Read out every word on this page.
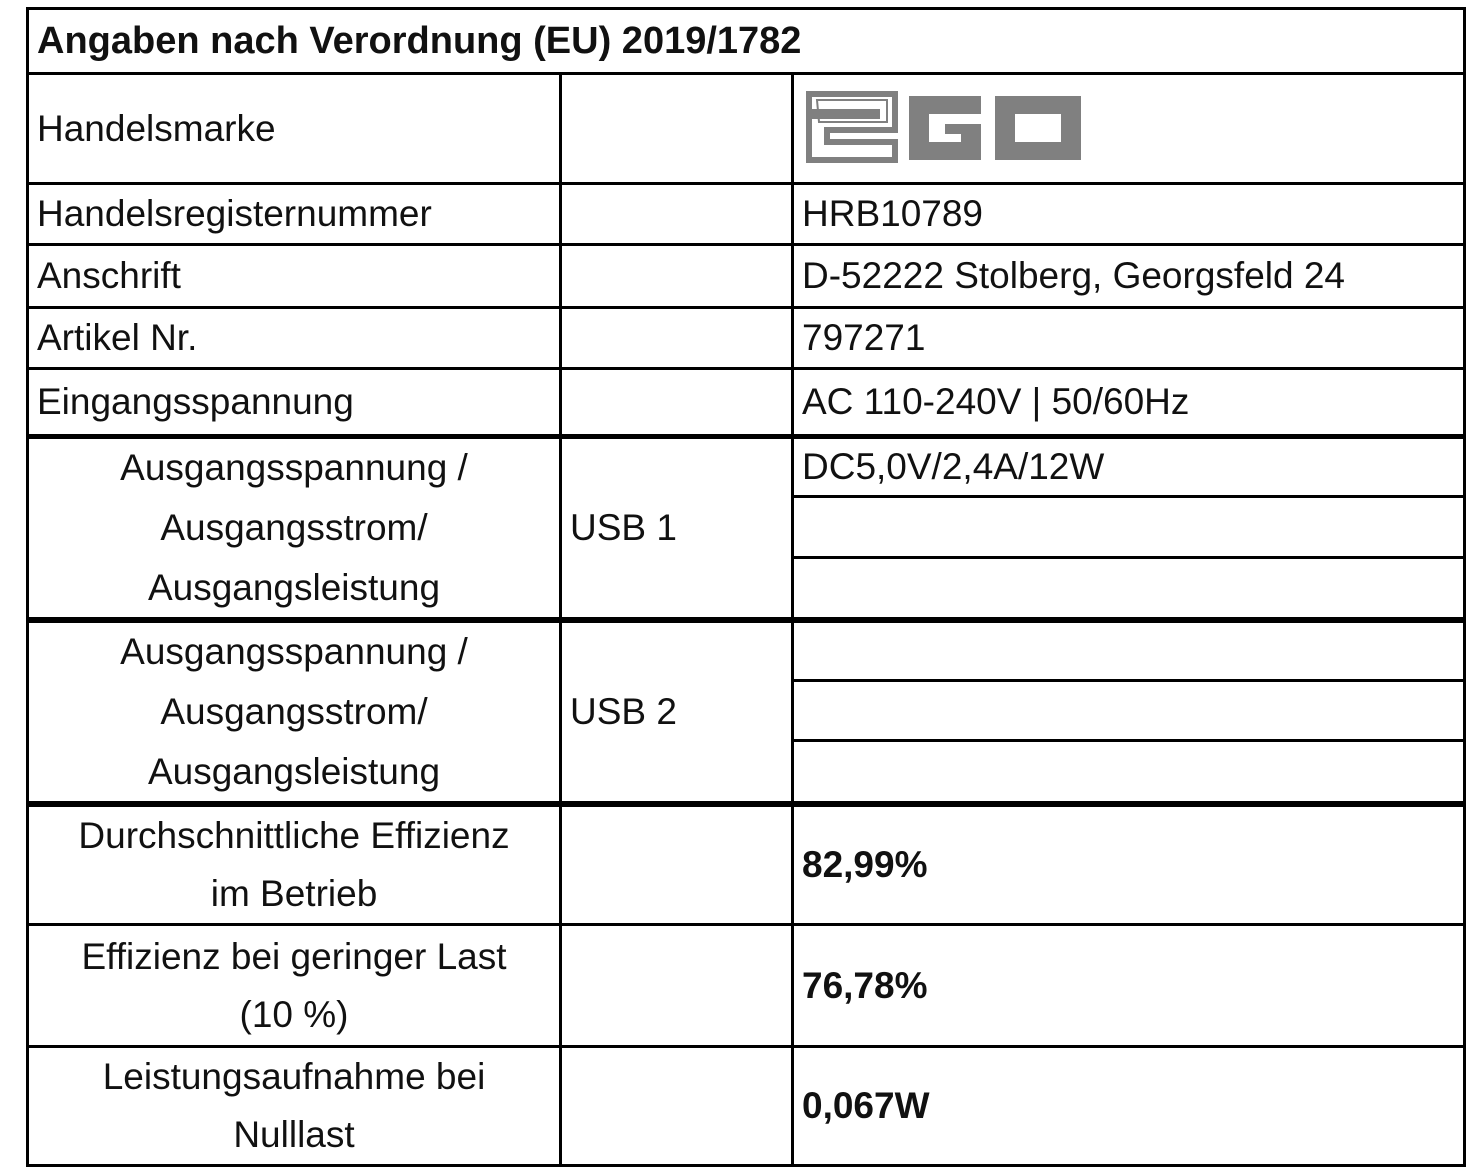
Angaben nach Verordnung (EU) 2019/1782
Handelsmarke
Handelsregisternummer
Anschrift
Artikel Nr.
Eingangsspannung
HRB10789
D-52222 Stolberg, Georgsfeld 24
797271
AC 110-240V | 50/60Hz
Ausgangsspannung /
Ausgangsstrom/
Ausgangsleistung
USB 1
DC5,0V/2,4A/12W
Ausgangsspannung /
Ausgangsstrom/
Ausgangsleistung
USB 2
Durchschnittliche Effizienz
im Betrieb
82,99%
Effizienz bei geringer Last
(10 %)
76,78%
Leistungsaufnahme bei
Nulllast
0,067W
